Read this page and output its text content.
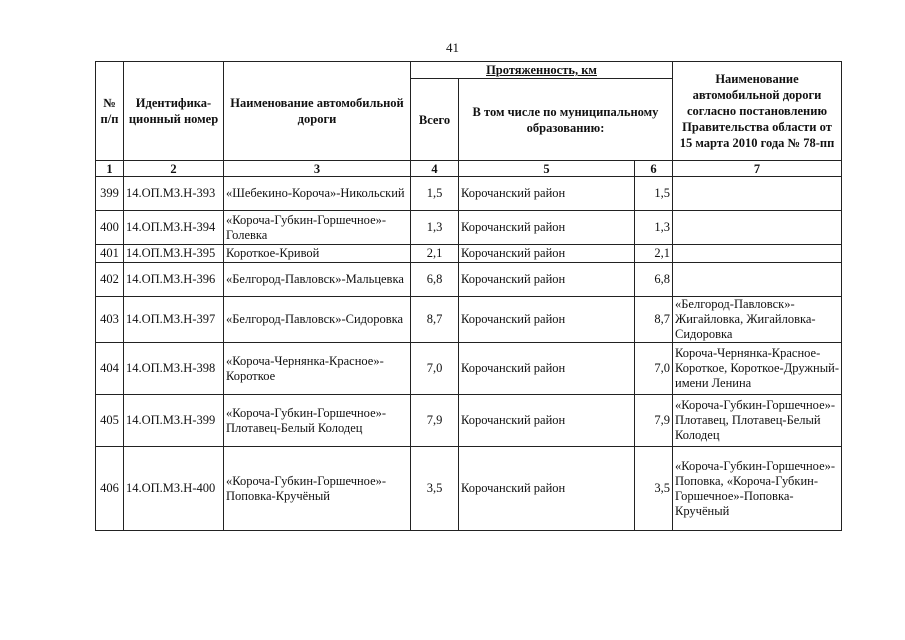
41
№ п/п	Идентифика-ционный номер	Наименование автомобильной дороги	Протяженность, км			Наименование автомобильной дороги согласно постановлению Правительства области от 15 марта 2010 года № 78-пп
			Всего	В том числе по муниципальному образованию:		
1	2	3	4	5	6	7
399	14.ОП.МЗ.Н-393	«Шебекино-Короча»-Никольский	1,5	Корочанский район	1,5	
400	14.ОП.МЗ.Н-394	«Короча-Губкин-Горшечное»-Голевка	1,3	Корочанский район	1,3	
401	14.ОП.МЗ.Н-395	Короткое-Кривой	2,1	Корочанский район	2,1	
402	14.ОП.МЗ.Н-396	«Белгород-Павловск»-Мальцевка	6,8	Корочанский район	6,8	
403	14.ОП.МЗ.Н-397	«Белгород-Павловск»-Сидоровка	8,7	Корочанский район	8,7	«Белгород-Павловск»-Жигайловка, Жигайловка-Сидоровка
404	14.ОП.МЗ.Н-398	«Короча-Чернянка-Красное»-Короткое	7,0	Корочанский район	7,0	Короча-Чернянка-Красное-Короткое, Короткое-Дружный-имени Ленина
405	14.ОП.МЗ.Н-399	«Короча-Губкин-Горшечное»-Плотавец-Белый Колодец	7,9	Корочанский район	7,9	«Короча-Губкин-Горшечное»-Плотавец, Плотавец-Белый Колодец
406	14.ОП.МЗ.Н-400	«Короча-Губкин-Горшечное»-Поповка-Кручёный	3,5	Корочанский район	3,5	«Короча-Губкин-Горшечное»-Поповка, «Короча-Губкин-Горшечное»-Поповка-Кручёный
